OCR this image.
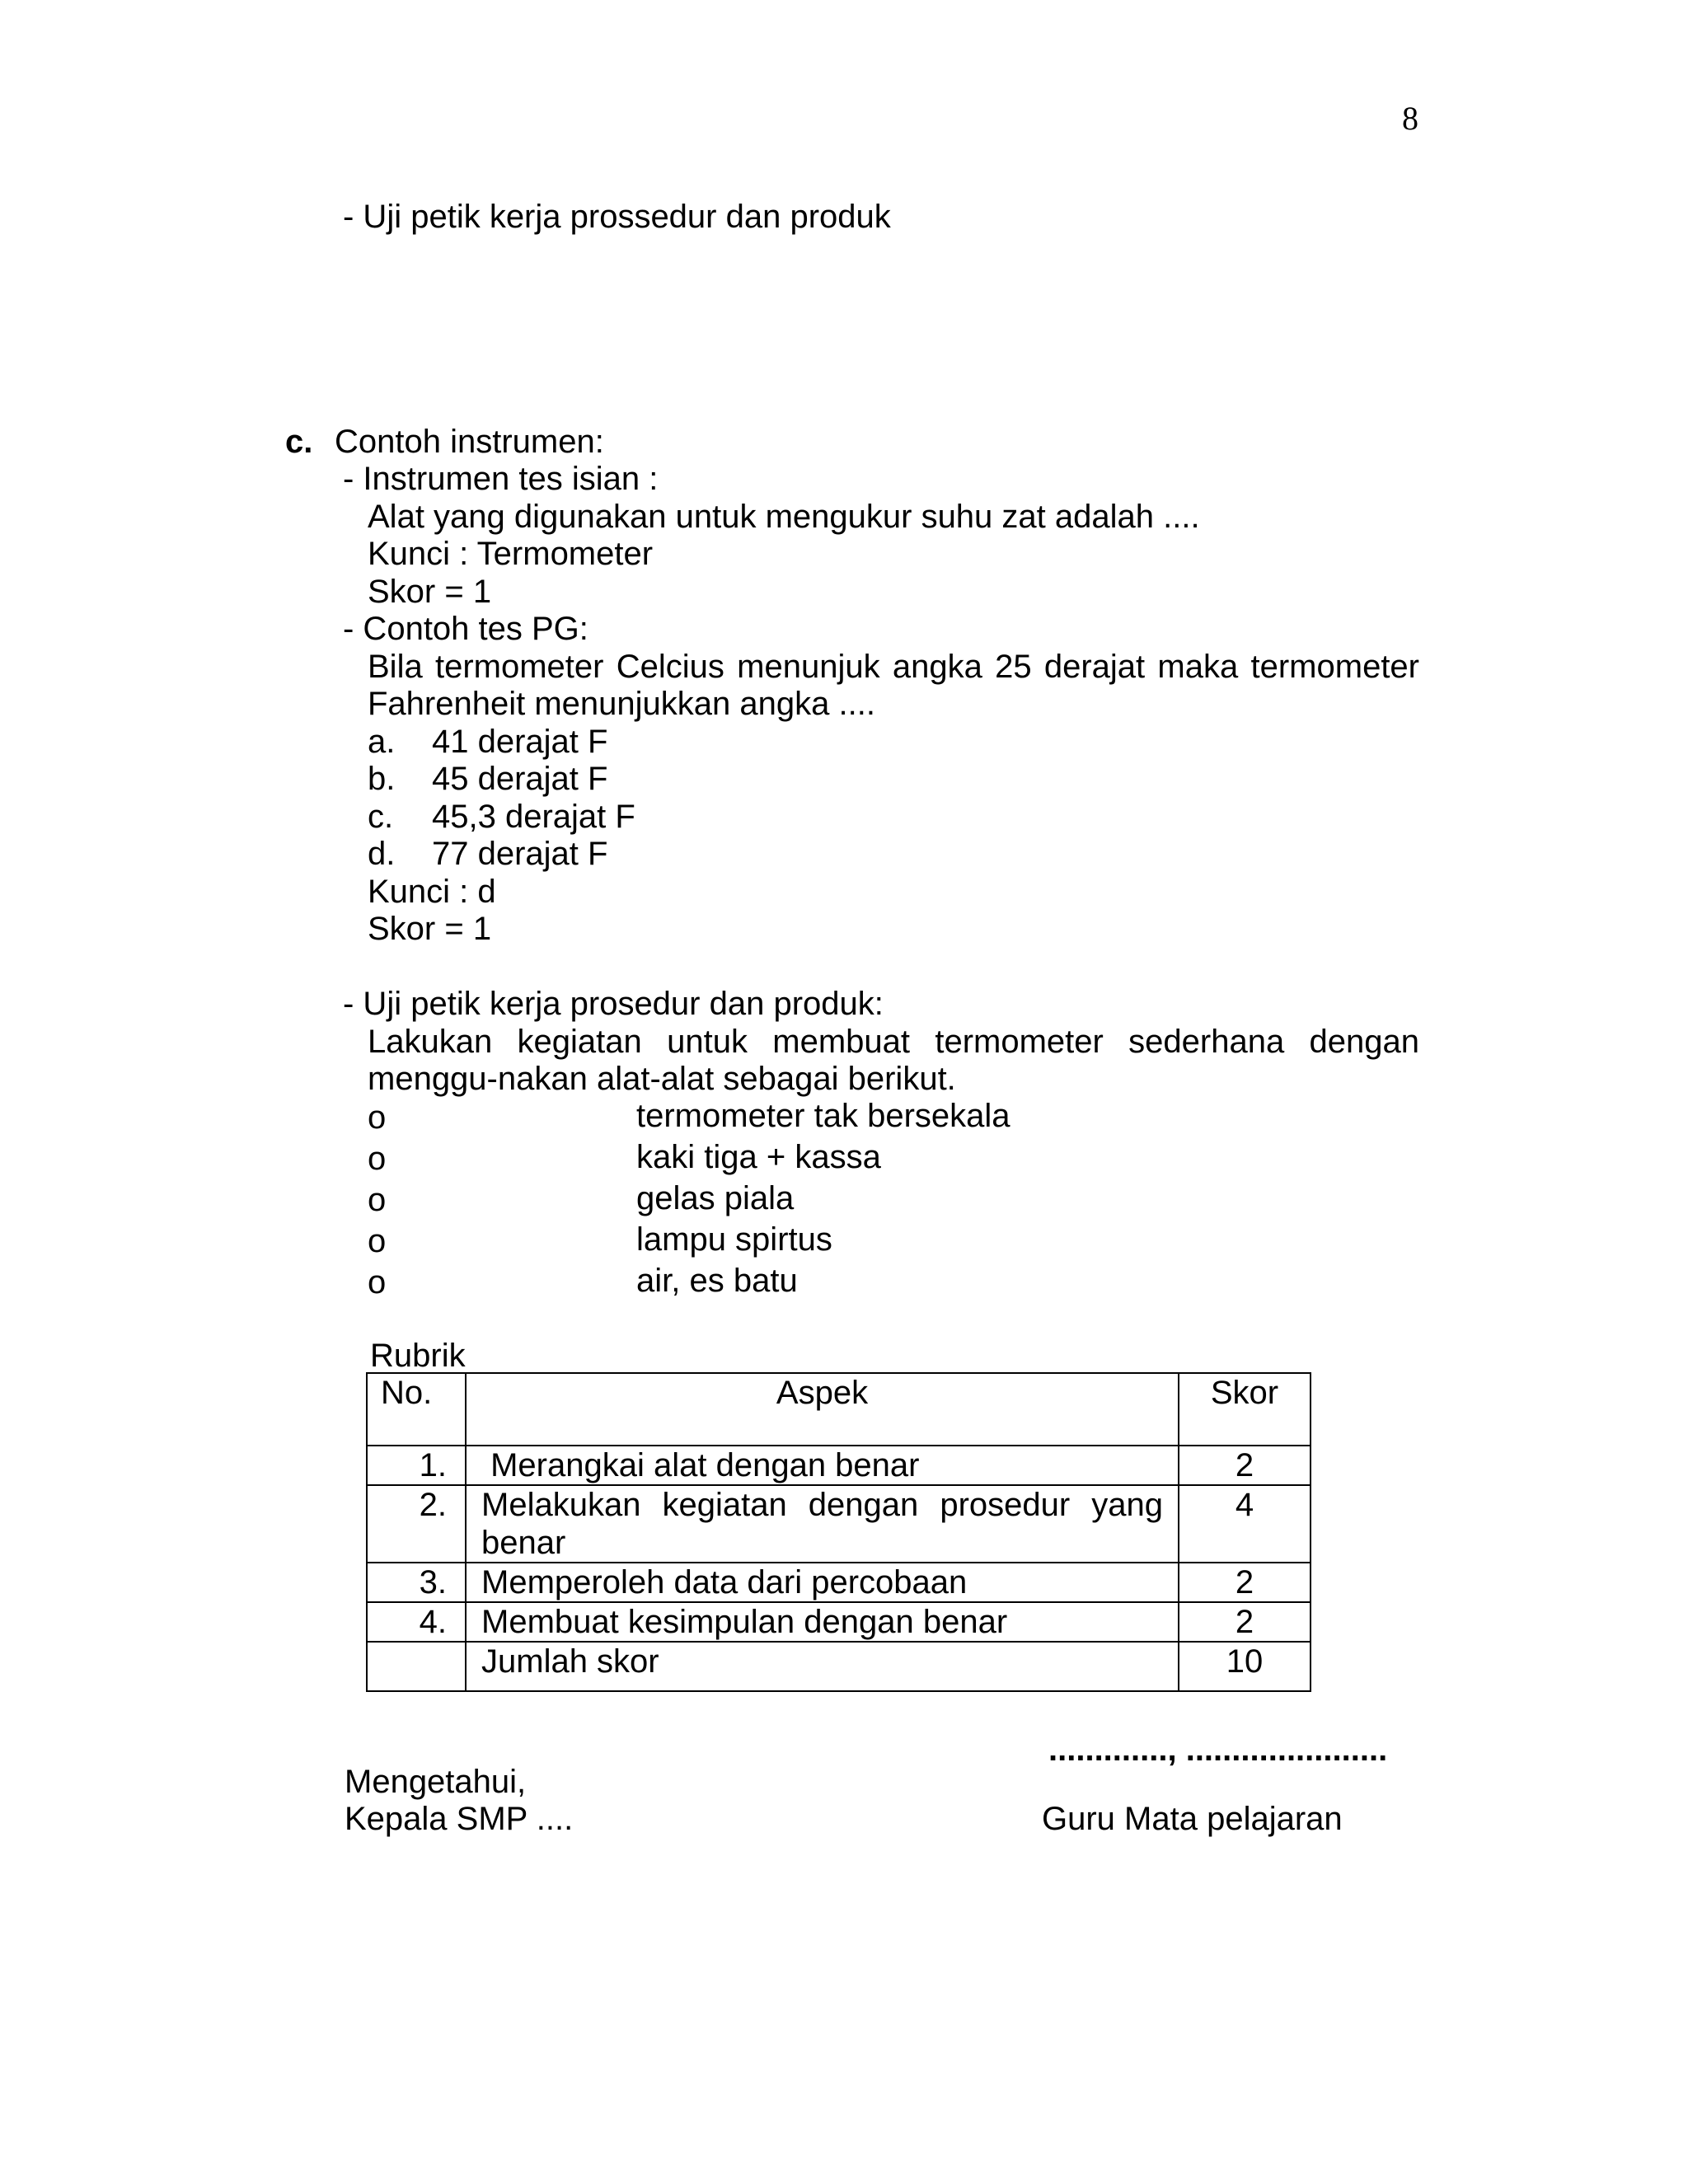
8
- Uji petik kerja prossedur dan produk
c. Contoh instrumen:
- Instrumen tes isian :
Alat yang digunakan untuk mengukur suhu zat adalah ....
Kunci : Termometer
Skor = 1
- Contoh tes PG:
Bila termometer Celcius menunjuk angka 25 derajat maka termometer
Fahrenheit menunjukkan angka ....
a. 41 derajat F
b. 45 derajat F
c. 45,3 derajat F
d. 77 derajat F
Kunci : d
Skor = 1
- Uji petik kerja prosedur dan produk:
Lakukan kegiatan untuk membuat termometer sederhana dengan
menggu-nakan alat-alat sebagai berikut.
o	termometer tak bersekala
o	kaki tiga + kassa
o	gelas piala
o	lampu spirtus
o	air, es batu
Rubrik
No.	Aspek	Skor
1.	Merangkai alat dengan benar	2
2.	Melakukan kegiatan dengan prosedur yang
benar	4
3.	Memperoleh data dari percobaan	2
4.	Membuat kesimpulan dengan benar	2
	Jumlah skor	10
............., ......................
Mengetahui,
Kepala SMP ....	Guru Mata pelajaran
